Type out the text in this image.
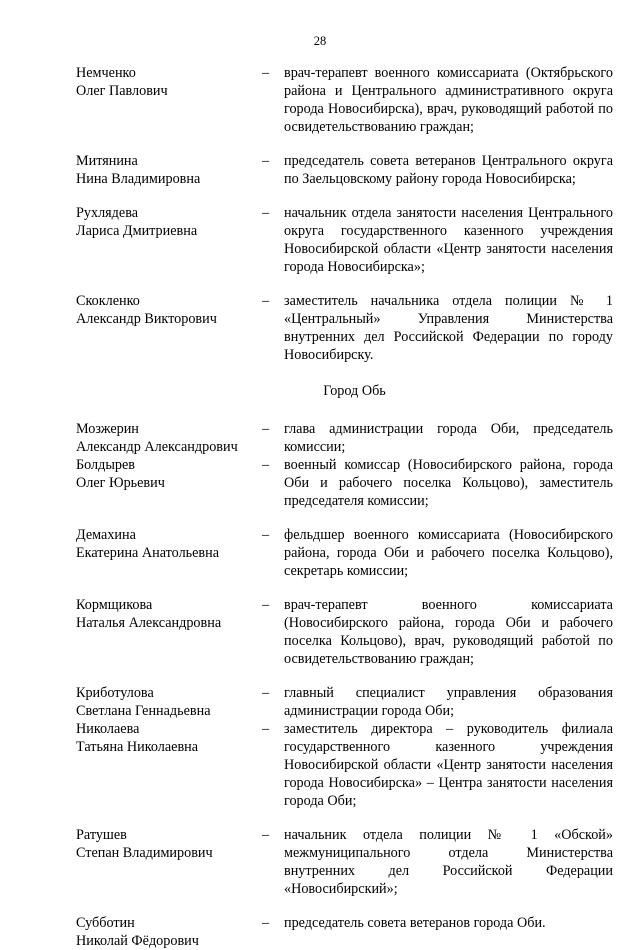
28
Немченко
Олег Павлович
–	врач-терапевт военного комиссариата (Октябрьского района и Центрального административного округа города Новосибирска), врач, руководящий работой по освидетельствованию граждан;
Митянина
Нина Владимировна
–	председатель совета ветеранов Центрального округа по Заельцовскому району города Новосибирска;
Рухлядева
Лариса Дмитриевна
–	начальник отдела занятости населения Центрального округа государственного казенного учреждения Новосибирской области «Центр занятости населения города Новосибирска»;
Скокленко
Александр Викторович
–	заместитель начальника отдела полиции № 1 «Центральный» Управления Министерства внутренних дел Российской Федерации по городу Новосибирску.
Город Обь
Мозжерин
Александр Александрович
–	глава администрации города Оби, председатель комиссии;
Болдырев
Олег Юрьевич
–	военный комиссар (Новосибирского района, города Оби и рабочего поселка Кольцово), заместитель председателя комиссии;
Демахина
Екатерина Анатольевна
–	фельдшер военного комиссариата (Новосибирского района, города Оби и рабочего поселка Кольцово), секретарь комиссии;
Кормщикова
Наталья Александровна
–	врач-терапевт военного комиссариата (Новосибирского района, города Оби и рабочего поселка Кольцово), врач, руководящий работой по освидетельствованию граждан;
Криботулова
Светлана Геннадьевна
–	главный специалист управления образования администрации города Оби;
Николаева
Татьяна Николаевна
–	заместитель директора – руководитель филиала государственного казенного учреждения Новосибирской области «Центр занятости населения города Новосибирска» – Центра занятости населения города Оби;
Ратушев
Степан Владимирович
–	начальник отдела полиции № 1 «Обской» межмуниципального отдела Министерства внутренних дел Российской Федерации «Новосибирский»;
Субботин
Николай Фёдорович
–	председатель совета ветеранов города Оби.
